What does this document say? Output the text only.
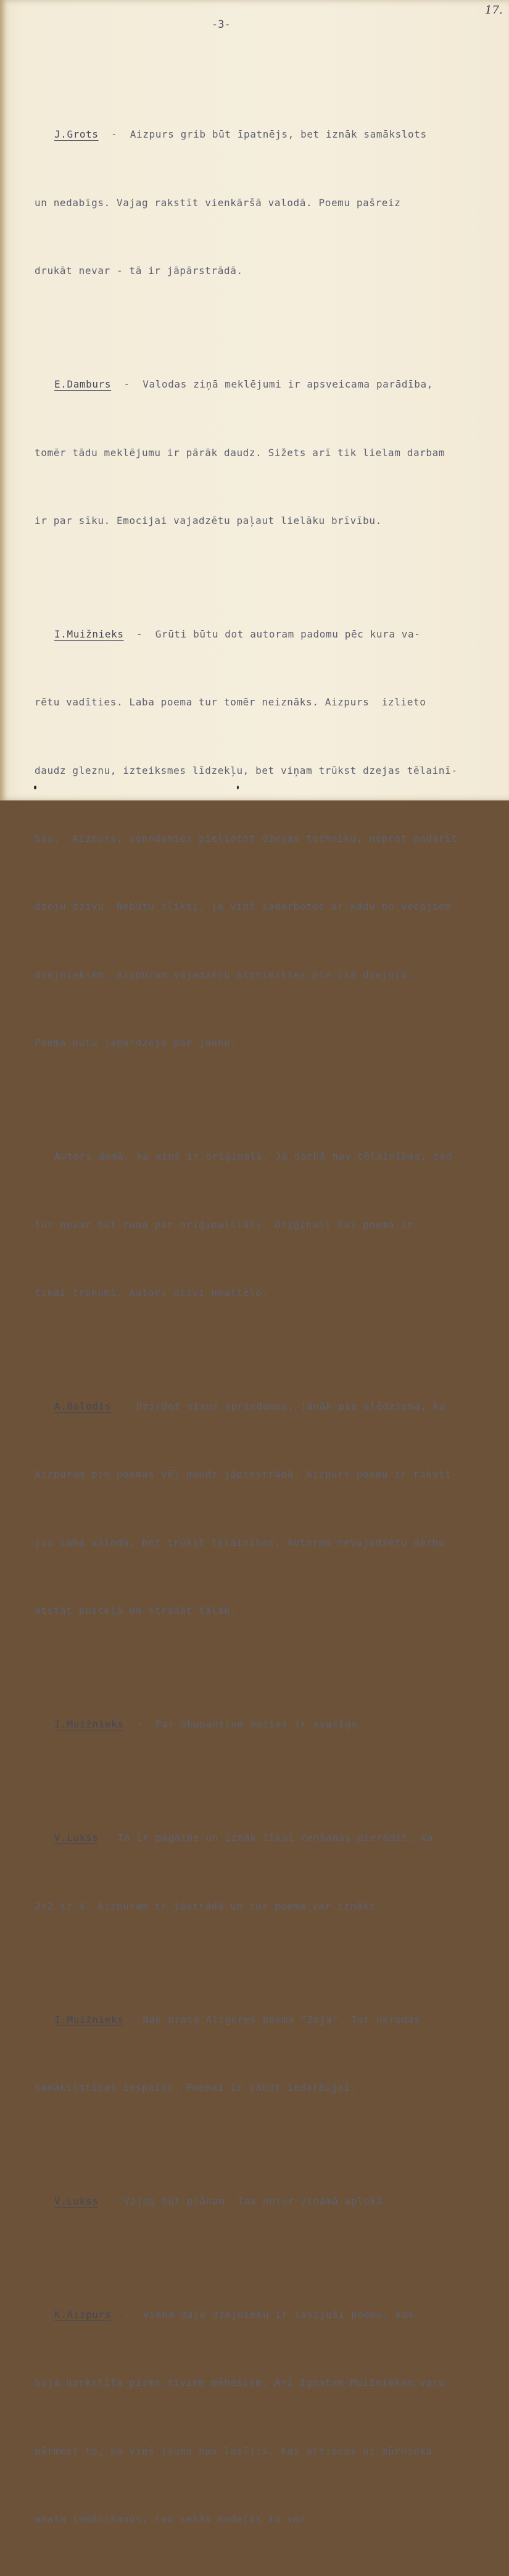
-3-
17.

J.Grots  -  Aizpurs grib būt īpatnējs, bet iznāk samākslots

un nedabīgs. Vajag rakstīt vienkāršā valodā. Poemu pašreiz

drukāt nevar - tā ir jāpārstrādā.

E.Damburs  -  Valodas ziņā meklējumi ir apsveicama parādība,

tomēr tādu meklējumu ir pārāk daudz. Sižets arī tik lielam darbam

ir par sīku. Emocijai vajadzētu paļaut lielāku brīvību.

I.Muižnieks  -  Grūti būtu dot autoram padomu pēc kura va-

rētu vadīties. Laba poema tur tomēr neiznāks. Aizpurs  izlieto

daudz gleznu, izteiksmes līdzekļu, bet viņam trūkst dzejas tēlainī-

bas.  Aizpurs, censdamies pielietot dzejas techniku, neprot padarīt

dzeju dzīvu. Nebūtu slikti, ja viņš sadarbotos ar kādu no vecajiem

dzejniekiem. Aizpuram vajadzētu atgriezties pie īsā dzejoļa.

Poema būtu jāpārdzejo par jaunu.

Autors domā, ka viņš ir oriģinals. Ja darbā nav tēlainības, tad

tur nevar būt runa par oriģinalitāti. Oriģinali šai poemā ir

tikai trūkumi. Autors dzīvi neattēlo.

A.Balodis  - Dzirdot visus spriedumus, jānāk pie slēdziena, ka

Aizpuram pie poemas vēl daudz jāpiestrādā. Aizpurs poemu ir rakstī-

jis labā valodā, bet trūkst tēlainības. Autoram nevajadzētu darbu

atstāt pusceļā un strādāt tālāk.

I.Muižnieks  -  Par okupantiem motivs ir svarīgs.

V.Lukss - Tā ir pagātne un iznāk tikai cenšanās pierādīt, ka

2x2 ir 4. Aizpuram ir jāstrādā un tur poema var iznākt.

I.Muižnieks - Nāk prātā Aligeres poema "Zoja". Tur nerodas

samākslotības iespaids. Poemai ir jābūt iedarbīgai.

V.Lukss  - Vajag būt plānam. Tas notur zināmā aplokā.

K.Aizpurs  -  Viena daļa dzejnieku ir lasījuši poemu, kas

bija uzrkstīta pirms diviem mēnešiem. Arī Ignatam Muižniekam varu

pārmest to, ka viņš jauno nav lasījis. Kas attiecas uz mūrnieka

amata iemācīšanos, tad sešās nedeļās to var.
